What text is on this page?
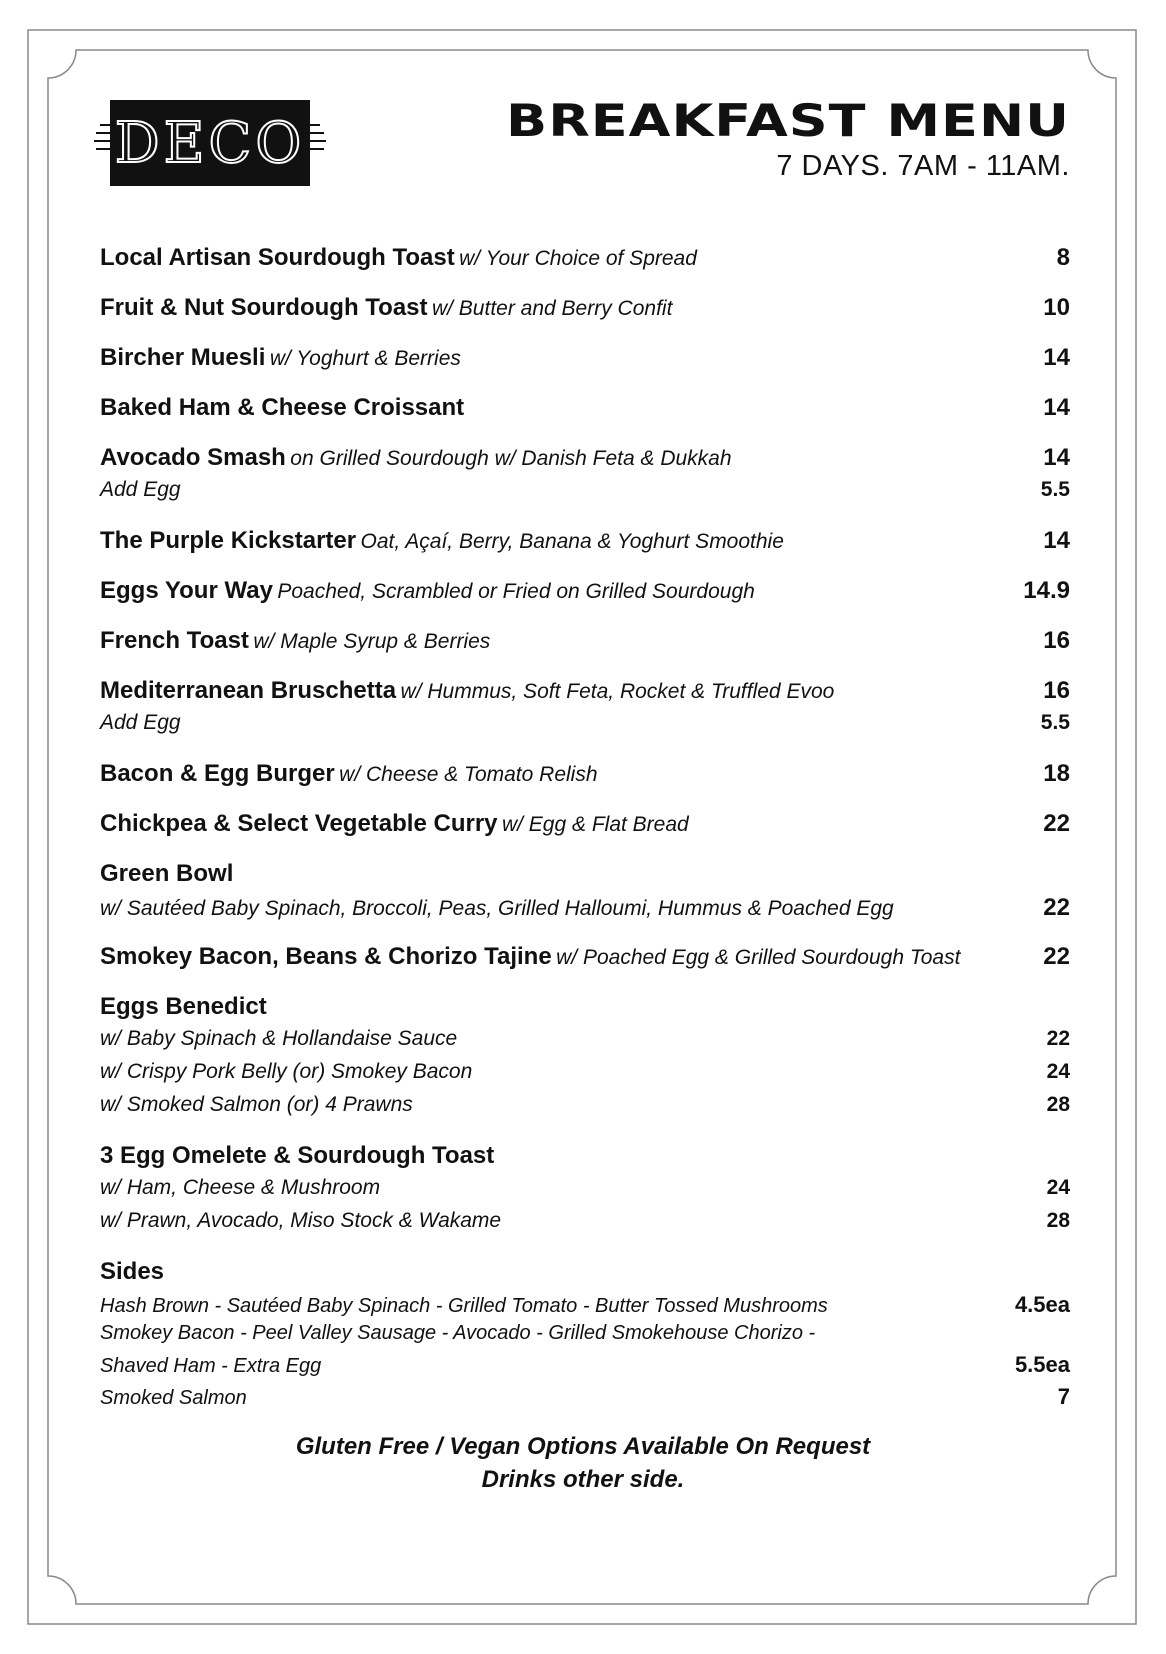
DECO	BREAKFAST MENU
7 DAYS. 7AM - 11AM.
Local Artisan Sourdough Toast w/ Your Choice of Spread	8
Fruit & Nut Sourdough Toast w/ Butter and Berry Confit	10
Bircher Muesli w/ Yoghurt & Berries	14
Baked Ham & Cheese Croissant	14
Avocado Smash on Grilled Sourdough w/ Danish Feta & Dukkah	14
Add Egg	5.5
The Purple Kickstarter Oat, Açaí, Berry, Banana & Yoghurt Smoothie	14
Eggs Your Way Poached, Scrambled or Fried on Grilled Sourdough	14.9
French Toast w/ Maple Syrup & Berries	16
Mediterranean Bruschetta w/ Hummus, Soft Feta, Rocket & Truffled Evoo	16
Add Egg	5.5
Bacon & Egg Burger w/ Cheese & Tomato Relish	18
Chickpea & Select Vegetable Curry w/ Egg & Flat Bread	22
Green Bowl
w/ Sautéed Baby Spinach, Broccoli, Peas, Grilled Halloumi, Hummus & Poached Egg	22
Smokey Bacon, Beans & Chorizo Tajine w/ Poached Egg & Grilled Sourdough Toast	22
Eggs Benedict
w/ Baby Spinach & Hollandaise Sauce	22
w/ Crispy Pork Belly (or) Smokey Bacon	24
w/ Smoked Salmon (or) 4 Prawns	28
3 Egg Omelete & Sourdough Toast
w/ Ham, Cheese & Mushroom	24
w/ Prawn, Avocado, Miso Stock & Wakame	28
Sides
Hash Brown - Sautéed Baby Spinach - Grilled Tomato - Butter Tossed Mushrooms	4.5ea
Smokey Bacon - Peel Valley Sausage - Avocado - Grilled Smokehouse Chorizo -
Shaved Ham - Extra Egg	5.5ea
Smoked Salmon	7
Gluten Free / Vegan Options Available On Request
Drinks other side.
